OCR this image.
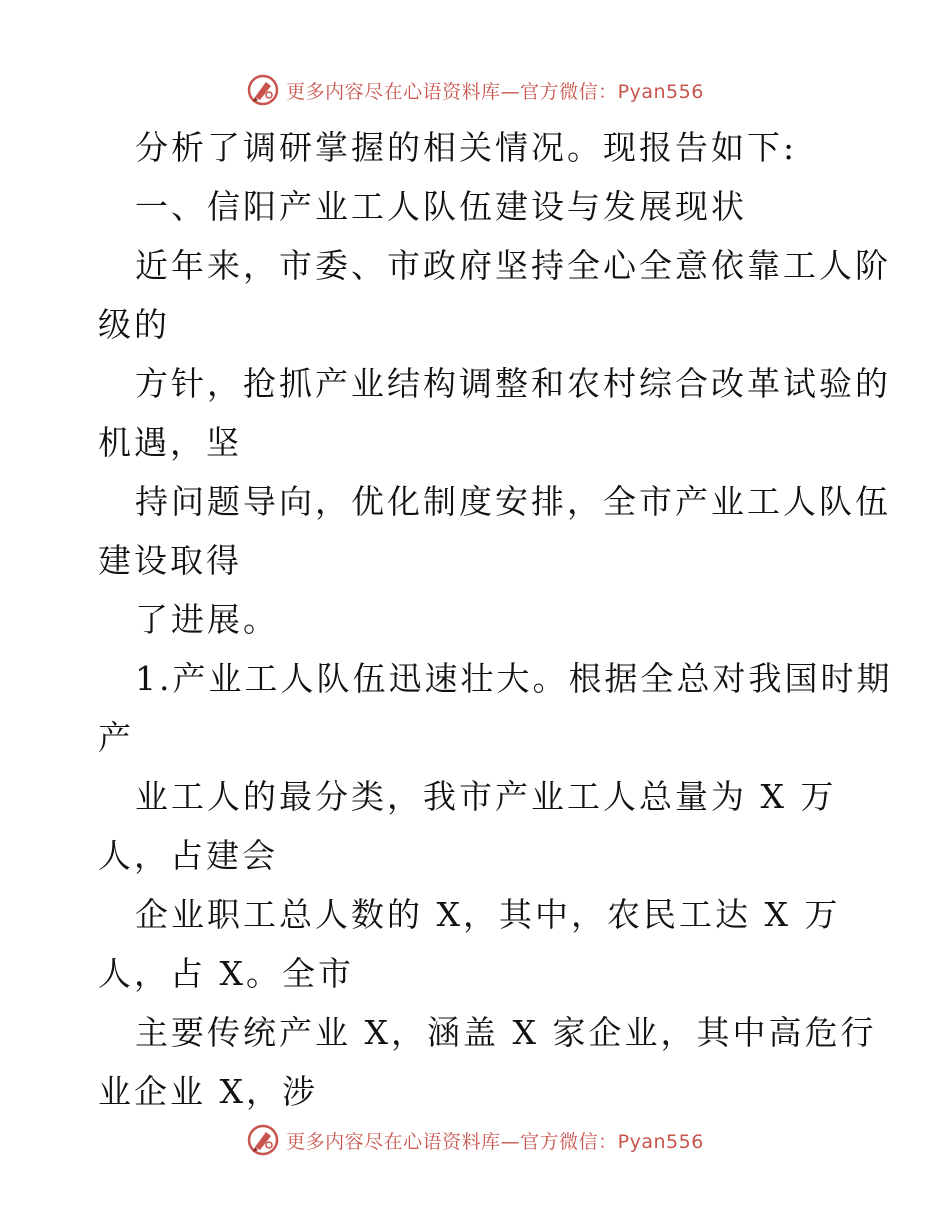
更多内容尽在心语资料库—官方微信：Pyan556
分析了调研掌握的相关情况。现报告如下:
一、信阳产业工人队伍建设与发展现状
近年来，市委、市政府坚持全心全意依靠工人阶
级的
方针，抢抓产业结构调整和农村综合改革试验的
机遇，坚
持问题导向，优化制度安排，全市产业工人队伍
建设取得
了进展。
1.产业工人队伍迅速壮大。根据全总对我国时期
产
业工人的最分类，我市产业工人总量为 X 万
人，占建会
企业职工总人数的 X，其中，农民工达 X 万
人，占 X。全市
主要传统产业 X，涵盖 X 家企业，其中高危行
业企业 X，涉
更多内容尽在心语资料库—官方微信：Pyan556
